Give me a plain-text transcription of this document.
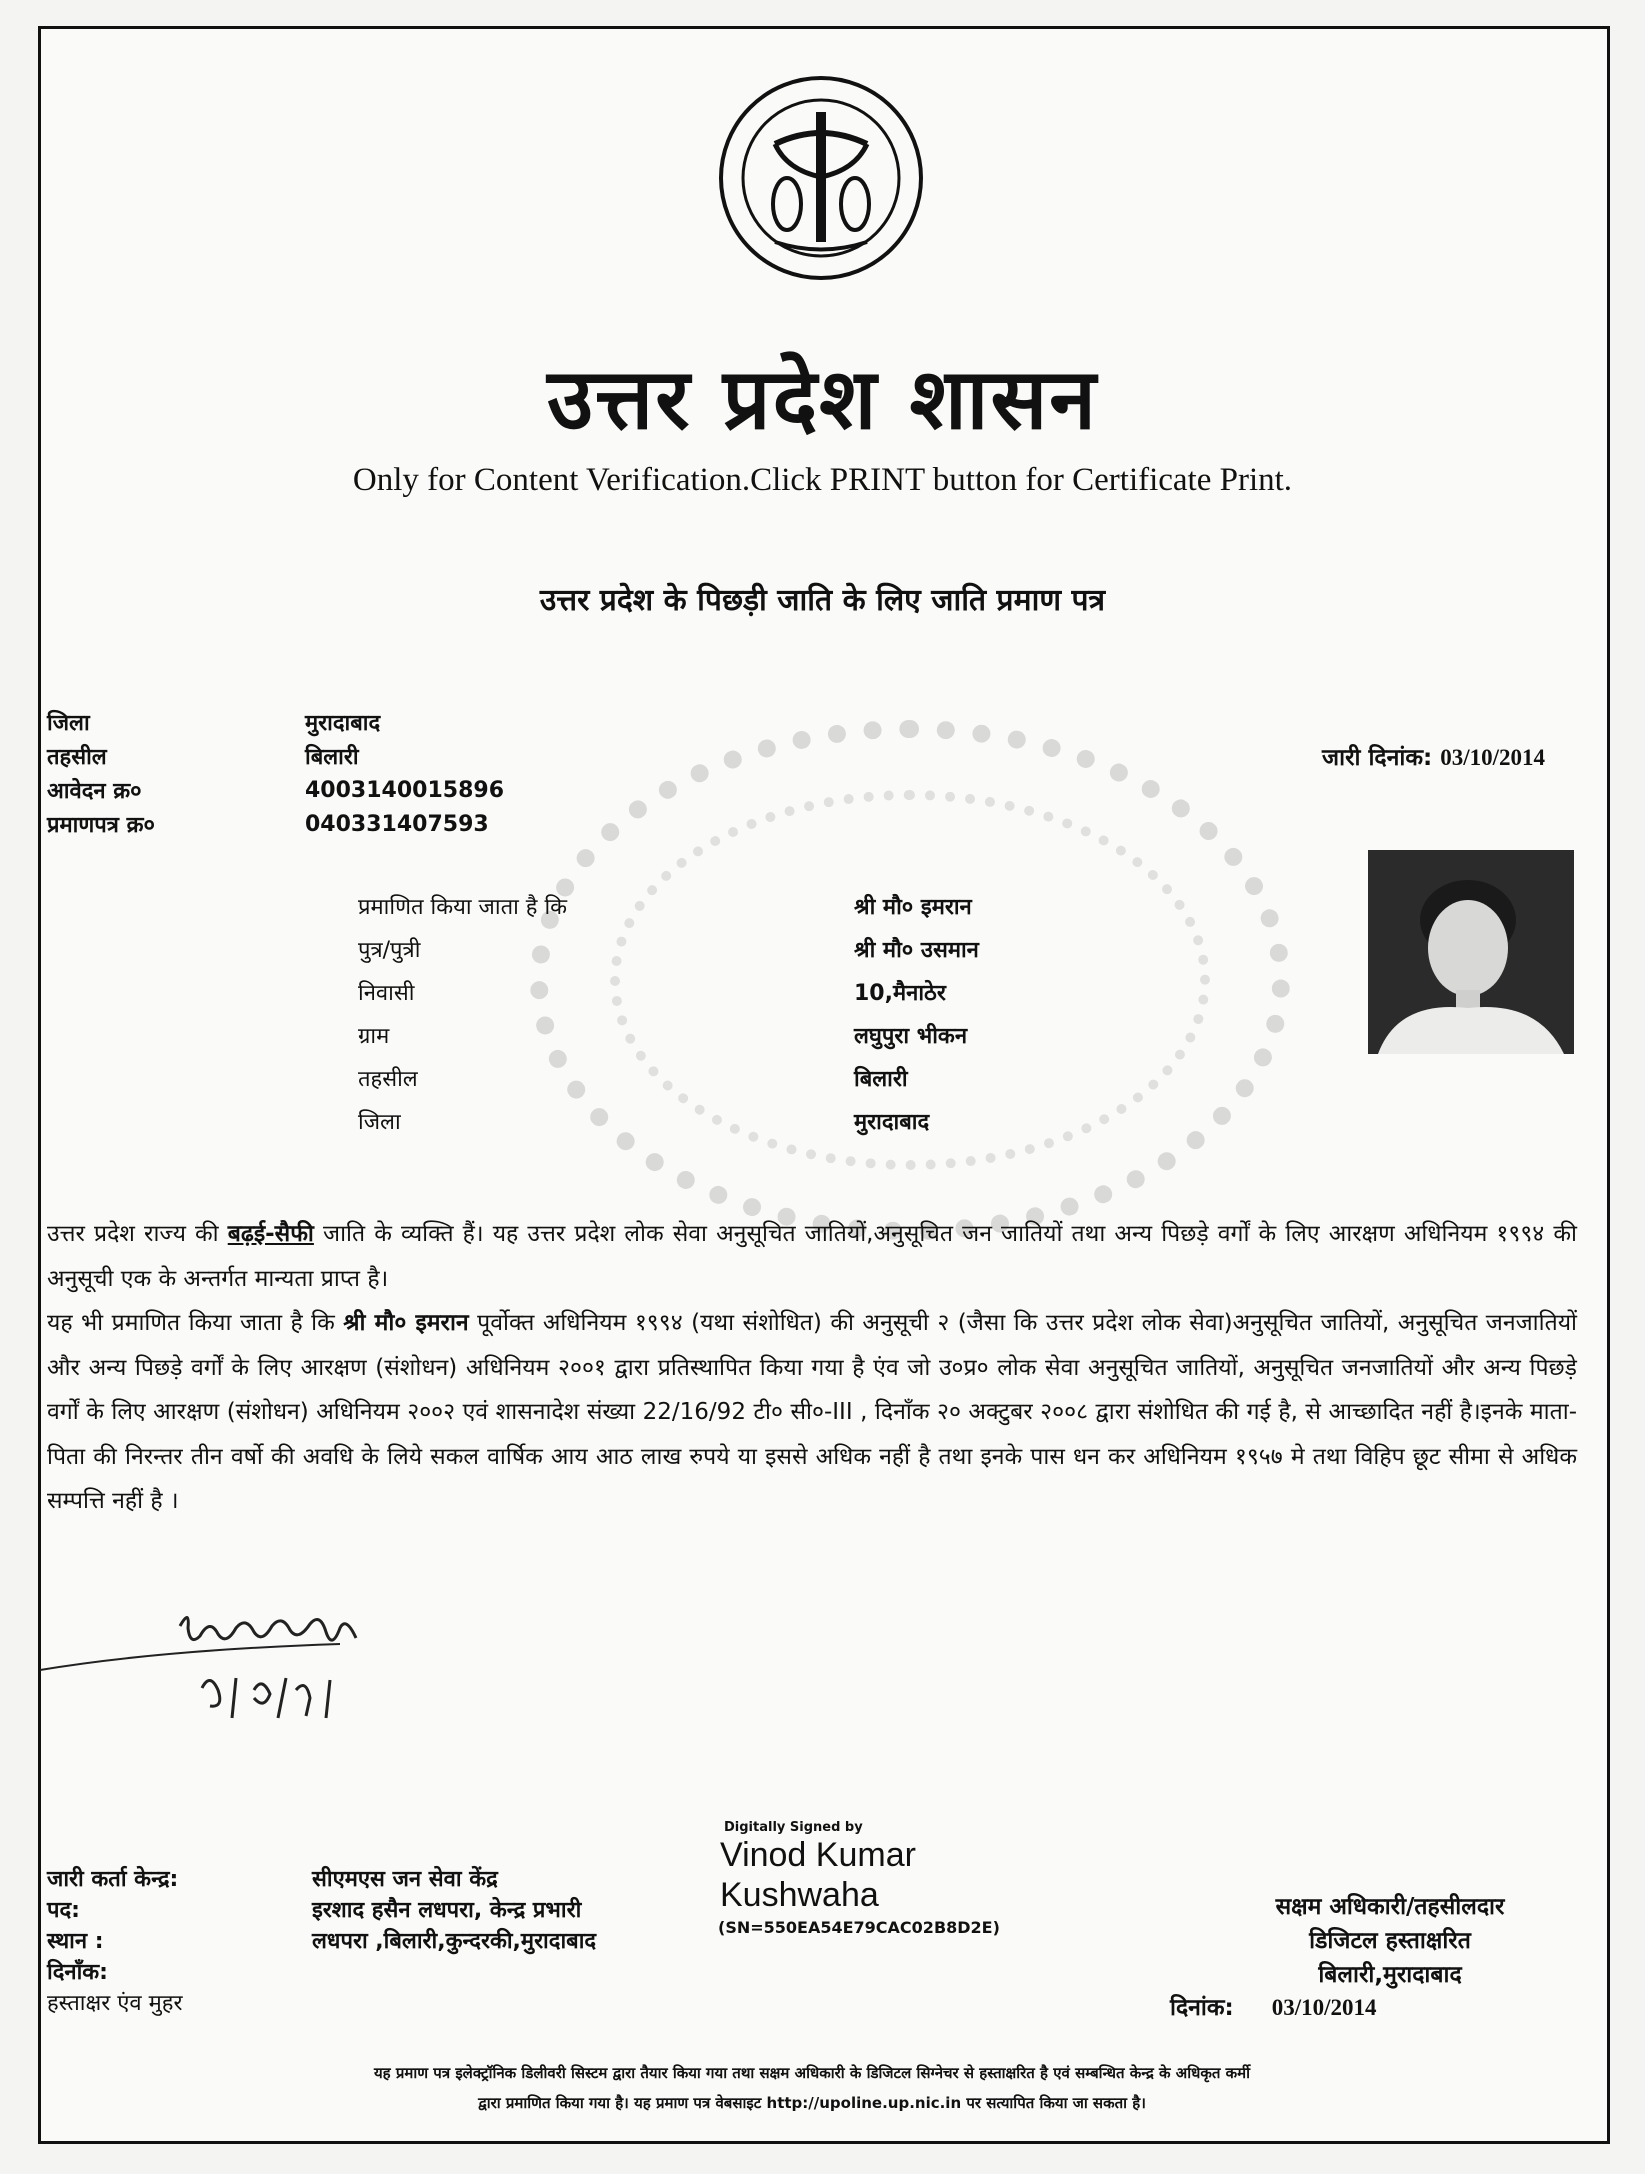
उत्तर प्रदेश शासन
Only for Content Verification.Click PRINT button for Certificate Print.
उत्तर प्रदेश के पिछड़ी जाति के लिए जाति प्रमाण पत्र
जिला	मुरादाबाद
तहसील	बिलारी
आवेदन क्र०	4003140015896
प्रमाणपत्र क्र०	040331407593
जारी दिनांक: 03/10/2014
प्रमाणित किया जाता है कि	श्री मौ० इमरान
पुत्र/पुत्री	श्री मौ० उसमान
निवासी	10,मैनाठेर
ग्राम	लघुपुरा भीकन
तहसील	बिलारी
जिला	मुरादाबाद

उत्तर प्रदेश राज्य की बढ़ई-सैफी जाति के व्यक्ति हैं। यह उत्तर प्रदेश लोक सेवा अनुसूचित जातियों,अनुसूचित जन जातियों तथा अन्य पिछड़े वर्गों के लिए आरक्षण अधिनियम १९९४ की अनुसूची एक के अन्तर्गत मान्यता प्राप्त है।

यह भी प्रमाणित किया जाता है कि श्री मौ० इमरान पूर्वोक्त अधिनियम १९९४ (यथा संशोधित) की अनुसूची २ (जैसा कि उत्तर प्रदेश लोक सेवा)अनुसूचित जातियों, अनुसूचित जनजातियों और अन्य पिछड़े वर्गों के लिए आरक्षण (संशोधन) अधिनियम २००१ द्वारा प्रतिस्थापित किया गया है एंव जो उ०प्र० लोक सेवा अनुसूचित जातियों, अनुसूचित जनजातियों और अन्य पिछड़े वर्गों के लिए आरक्षण (संशोधन) अधिनियम २००२ एवं शासनादेश संख्या 22/16/92 टी० सी०-III , दिनाँक २० अक्टुबर २००८ द्वारा संशोधित की गई है, से आच्छादित नहीं है।इनके माता-पिता की निरन्तर तीन वर्षो की अवधि के लिये सकल वार्षिक आय आठ लाख रुपये या इससे अधिक नहीं है तथा इनके पास धन कर अधिनियम १९५७ मे तथा विहिप छूट सीमा से अधिक सम्पत्ति नहीं है ।

जारी कर्ता केन्द्र:	सीएमएस जन सेवा केंद्र
पद:	इरशाद हसैन लधपरा, केन्द्र प्रभारी
स्थान :	लधपरा ,बिलारी,कुन्दरकी,मुरादाबाद
दिनाँक:
हस्ताक्षर एंव मुहर
Digitally Signed by
Vinod Kumar
Kushwaha
(SN=550EA54E79CAC02B8D2E)
सक्षम अधिकारी/तहसीलदार
डिजिटल हस्ताक्षरित
बिलारी,मुरादाबाद
दिनांक: 03/10/2014
यह प्रमाण पत्र इलेक्ट्रॉनिक डिलीवरी सिस्टम द्वारा तैयार किया गया तथा सक्षम अधिकारी के डिजिटल सिग्नेचर से हस्ताक्षरित है एवं सम्बन्धित केन्द्र के अधिकृत कर्मी
द्वारा प्रमाणित किया गया है। यह प्रमाण पत्र वेबसाइट http://upoline.up.nic.in पर सत्यापित किया जा सकता है।
